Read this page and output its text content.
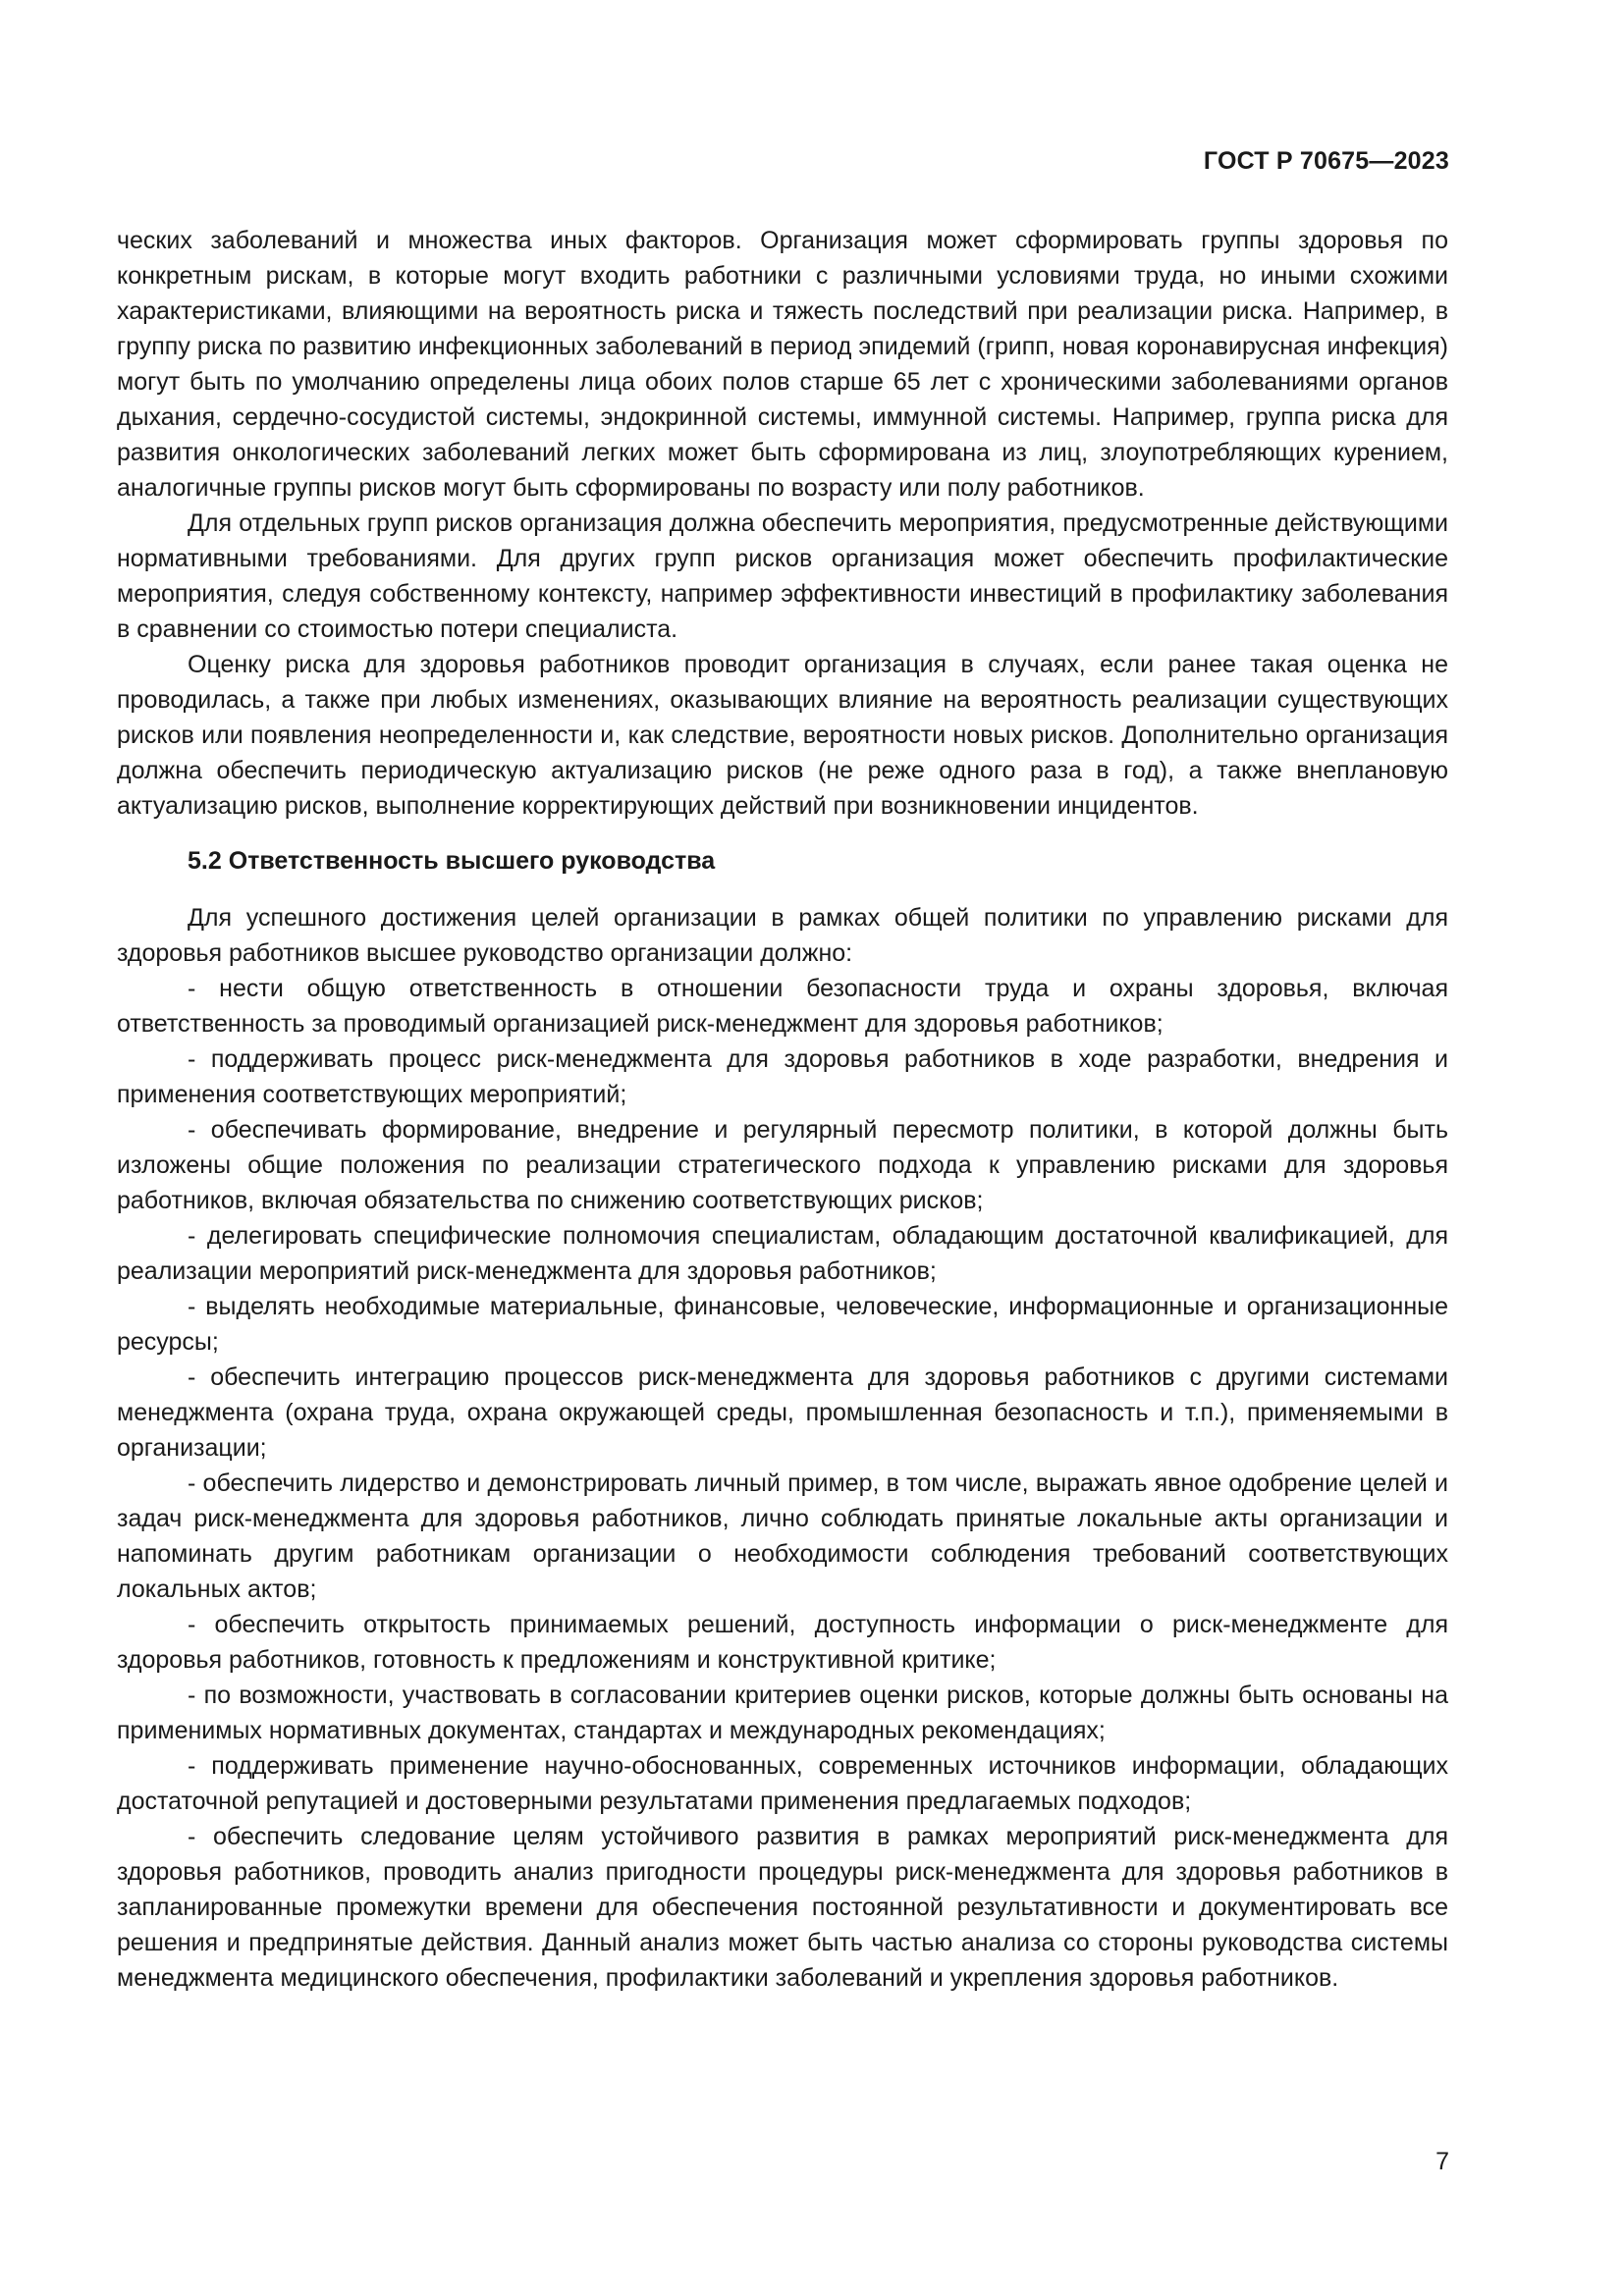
ГОСТ Р 70675—2023

ческих заболеваний и множества иных факторов. Организация может сформировать группы здоровья по конкретным рискам, в которые могут входить работники с различными условиями труда, но иными схожими характеристиками, влияющими на вероятность риска и тяжесть последствий при реализации риска. Например, в группу риска по развитию инфекционных заболеваний в период эпидемий (грипп, новая коронавирусная инфекция) могут быть по умолчанию определены лица обоих полов старше 65 лет с хроническими заболеваниями органов дыхания, сердечно-сосудистой системы, эндокринной системы, иммунной системы. Например, группа риска для развития онкологических заболеваний легких может быть сформирована из лиц, злоупотребляющих курением, аналогичные группы рисков могут быть сформированы по возрасту или полу работников.

Для отдельных групп рисков организация должна обеспечить мероприятия, предусмотренные действующими нормативными требованиями. Для других групп рисков организация может обеспечить профилактические мероприятия, следуя собственному контексту, например эффективности инвестиций в профилактику заболевания в сравнении со стоимостью потери специалиста.

Оценку риска для здоровья работников проводит организация в случаях, если ранее такая оценка не проводилась, а также при любых изменениях, оказывающих влияние на вероятность реализации существующих рисков или появления неопределенности и, как следствие, вероятности новых рисков. Дополнительно организация должна обеспечить периодическую актуализацию рисков (не реже одного раза в год), а также внеплановую актуализацию рисков, выполнение корректирующих действий при возникновении инцидентов.

5.2 Ответственность высшего руководства

Для успешного достижения целей организации в рамках общей политики по управлению рисками для здоровья работников высшее руководство организации должно:

- нести общую ответственность в отношении безопасности труда и охраны здоровья, включая ответственность за проводимый организацией риск-менеджмент для здоровья работников;

- поддерживать процесс риск-менеджмента для здоровья работников в ходе разработки, внедрения и применения соответствующих мероприятий;

- обеспечивать формирование, внедрение и регулярный пересмотр политики, в которой должны быть изложены общие положения по реализации стратегического подхода к управлению рисками для здоровья работников, включая обязательства по снижению соответствующих рисков;

- делегировать специфические полномочия специалистам, обладающим достаточной квалификацией, для реализации мероприятий риск-менеджмента для здоровья работников;

- выделять необходимые материальные, финансовые, человеческие, информационные и организационные ресурсы;

- обеспечить интеграцию процессов риск-менеджмента для здоровья работников с другими системами менеджмента (охрана труда, охрана окружающей среды, промышленная безопасность и т.п.), применяемыми в организации;

- обеспечить лидерство и демонстрировать личный пример, в том числе, выражать явное одобрение целей и задач риск-менеджмента для здоровья работников, лично соблюдать принятые локальные акты организации и напоминать другим работникам организации о необходимости соблюдения требований соответствующих локальных актов;

- обеспечить открытость принимаемых решений, доступность информации о риск-менеджменте для здоровья работников, готовность к предложениям и конструктивной критике;

- по возможности, участвовать в согласовании критериев оценки рисков, которые должны быть основаны на применимых нормативных документах, стандартах и международных рекомендациях;

- поддерживать применение научно-обоснованных, современных источников информации, обладающих достаточной репутацией и достоверными результатами применения предлагаемых подходов;

- обеспечить следование целям устойчивого развития в рамках мероприятий риск-менеджмента для здоровья работников, проводить анализ пригодности процедуры риск-менеджмента для здоровья работников в запланированные промежутки времени для обеспечения постоянной результативности и документировать все решения и предпринятые действия. Данный анализ может быть частью анализа со стороны руководства системы менеджмента медицинского обеспечения, профилактики заболеваний и укрепления здоровья работников.

7
